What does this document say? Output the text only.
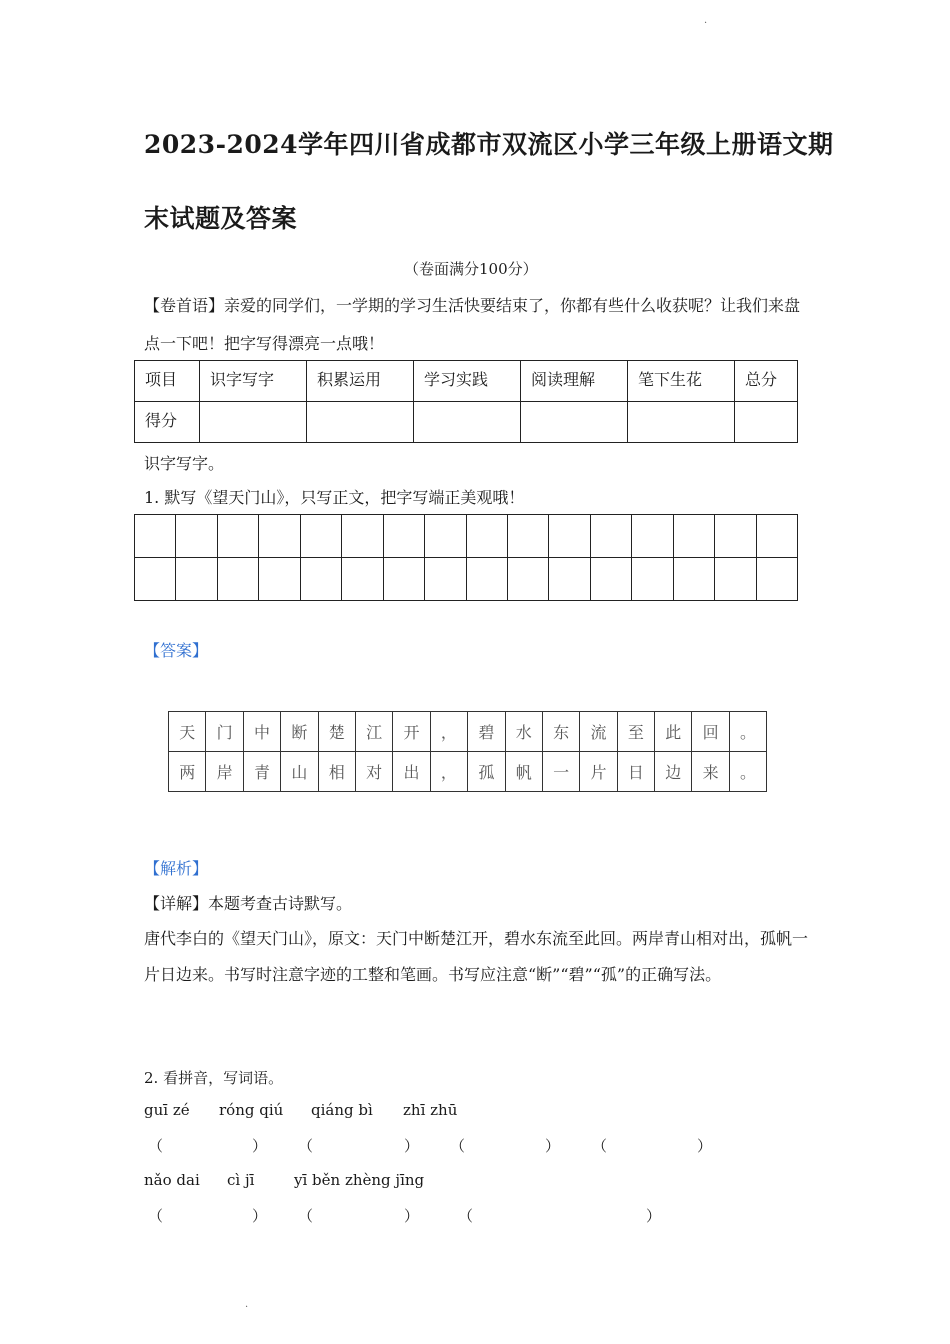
·
2023-2024学年四川省成都市双流区小学三年级上册语文期
末试题及答案
（卷面满分100分）
【卷首语】亲爱的同学们，一学期的学习生活快要结束了，你都有些什么收获呢？让我们来盘
点一下吧！把字写得漂亮一点哦！
项目	识字写字	积累运用	学习实践	阅读理解	笔下生花	总分
得分						
识字写字。
1. 默写《望天门山》，只写正文，把字写端正美观哦！

【答案】
天	门	中	断	楚	江	开	，	碧	水	东	流	至	此	回	。
两	岸	青	山	相	对	出	，	孤	帆	一	片	日	边	来	。
【解析】
【详解】本题考查古诗默写。
唐代李白的《望天门山》，原文：天门中断楚江开，碧水东流至此回。两岸青山相对出，孤帆一
片日边来。书写时注意字迹的工整和笔画。书写应注意“断”“碧”“孤”的正确写法。
2. 看拼音，写词语。
guī zé róng qiú qiáng bì zhī zhū
（	） （	） （	） （	）
nǎo dai cì jī	yī běn zhèng jīng
（	） （	）	（	）
·
